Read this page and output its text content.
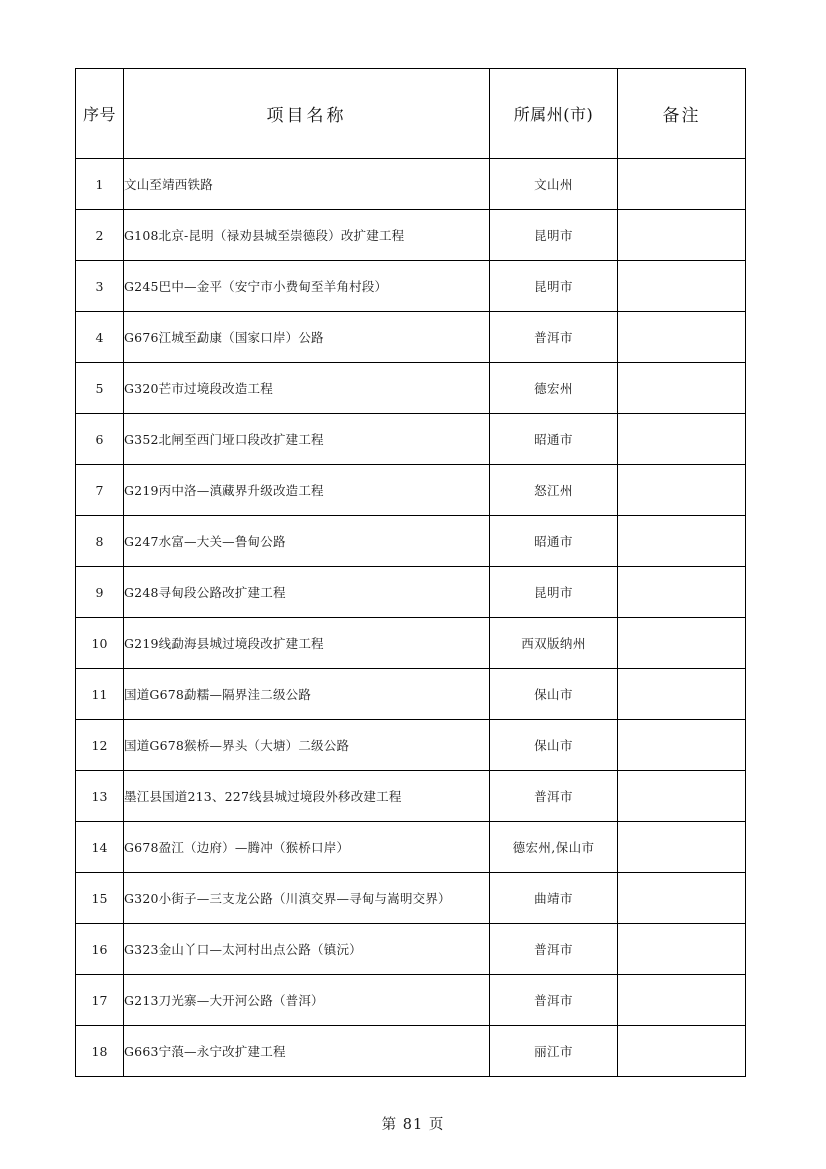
序号	项目名称	所属州(市)	备注
1	文山至靖西铁路	文山州	
2	G108北京-昆明（禄劝县城至崇德段）改扩建工程	昆明市	
3	G245巴中—金平（安宁市小费甸至羊角村段）	昆明市	
4	G676江城至勐康（国家口岸）公路	普洱市	
5	G320芒市过境段改造工程	德宏州	
6	G352北闸至西门垭口段改扩建工程	昭通市	
7	G219丙中洛—滇藏界升级改造工程	怒江州	
8	G247水富—大关—鲁甸公路	昭通市	
9	G248寻甸段公路改扩建工程	昆明市	
10	G219线勐海县城过境段改扩建工程	西双版纳州	
11	国道G678勐糯—隔界洼二级公路	保山市	
12	国道G678猴桥—界头（大塘）二级公路	保山市	
13	墨江县国道213、227线县城过境段外移改建工程	普洱市	
14	G678盈江（边府）—腾冲（猴桥口岸）	德宏州,保山市	
15	G320小街子—三支龙公路（川滇交界—寻甸与嵩明交界）	曲靖市	
16	G323金山丫口—太河村出点公路（镇沅）	普洱市	
17	G213刀光寨—大开河公路（普洱）	普洱市	
18	G663宁蒗—永宁改扩建工程	丽江市	
第 81 页
